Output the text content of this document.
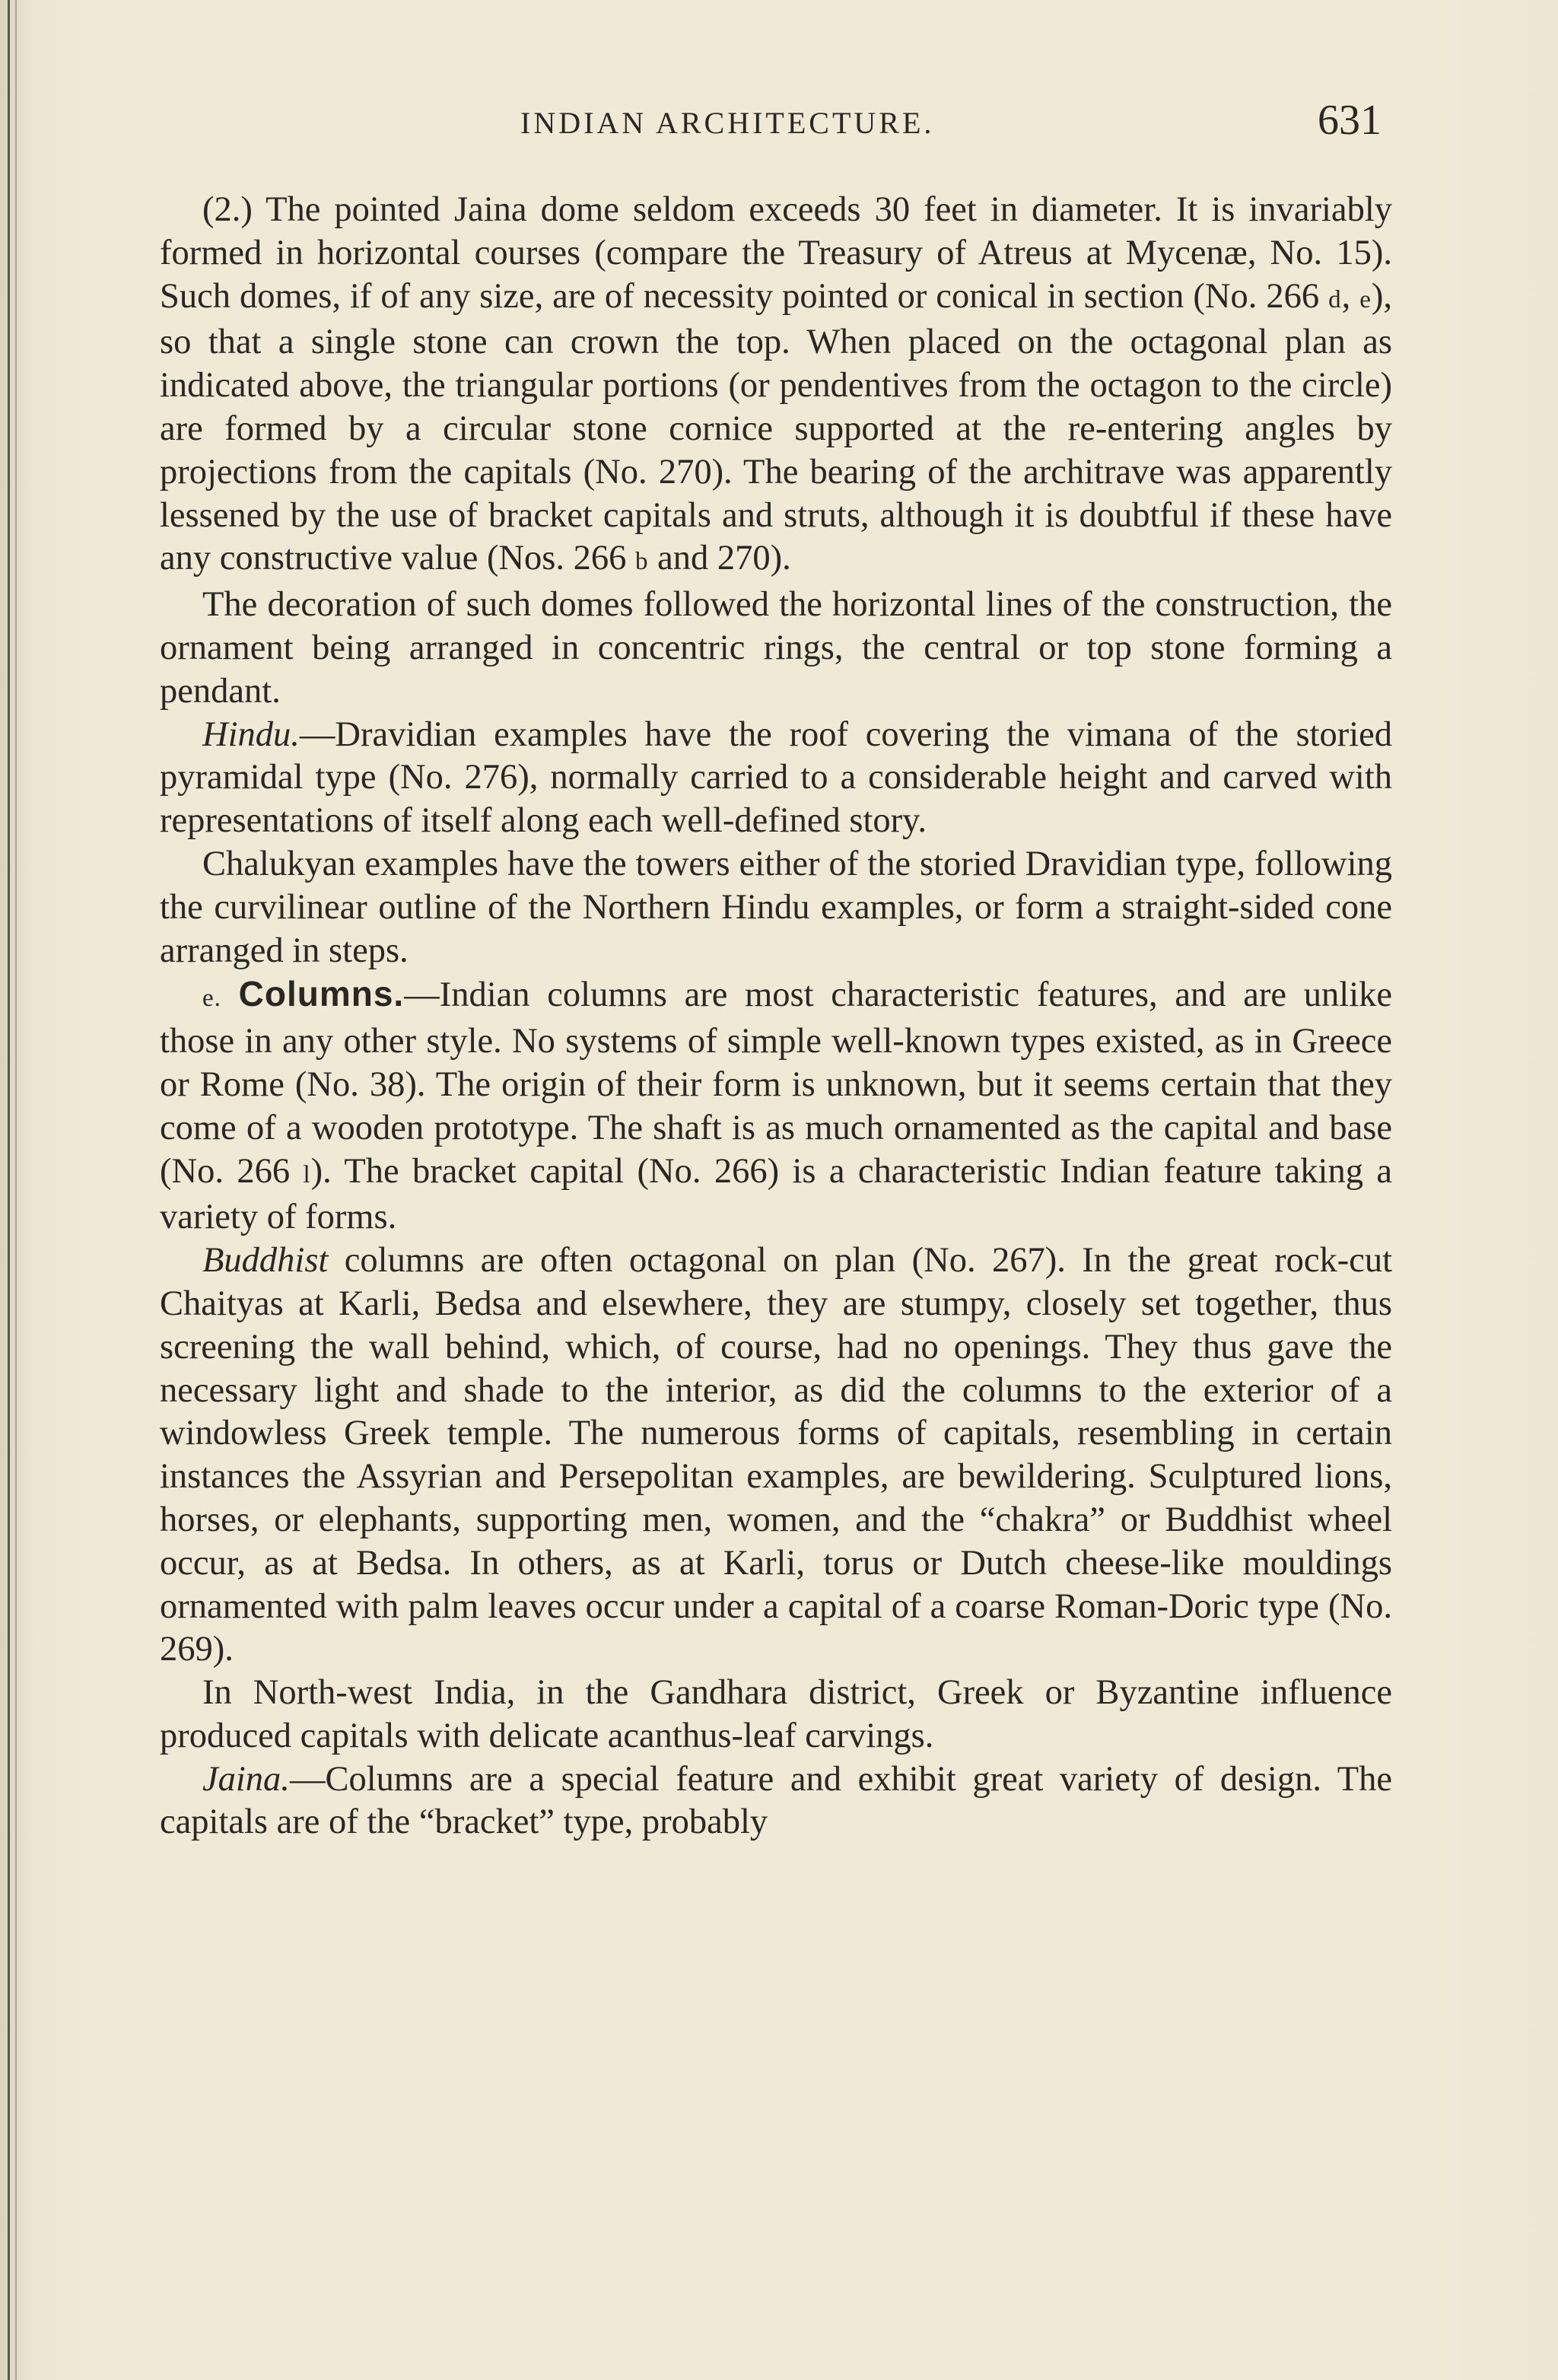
INDIAN ARCHITECTURE.	631

(2.) The pointed Jaina dome seldom exceeds 30 feet in diameter. It is invariably formed in horizontal courses (compare the Treasury of Atreus at Mycenæ, No. 15). Such domes, if of any size, are of necessity pointed or conical in section (No. 266 d, e), so that a single stone can crown the top. When placed on the octagonal plan as indicated above, the triangular portions (or pendentives from the octagon to the circle) are formed by a circular stone cornice supported at the re-entering angles by projections from the capitals (No. 270). The bearing of the architrave was apparently lessened by the use of bracket capitals and struts, although it is doubtful if these have any constructive value (Nos. 266 b and 270).

The decoration of such domes followed the horizontal lines of the construction, the ornament being arranged in concentric rings, the central or top stone forming a pendant.

Hindu.—Dravidian examples have the roof covering the vimana of the storied pyramidal type (No. 276), normally carried to a considerable height and carved with representations of itself along each well-defined story.

Chalukyan examples have the towers either of the storied Dravidian type, following the curvilinear outline of the Northern Hindu examples, or form a straight-sided cone arranged in steps.

e. Columns.—Indian columns are most characteristic features, and are unlike those in any other style. No systems of simple well-known types existed, as in Greece or Rome (No. 38). The origin of their form is unknown, but it seems certain that they come of a wooden prototype. The shaft is as much ornamented as the capital and base (No. 266 l). The bracket capital (No. 266) is a characteristic Indian feature taking a variety of forms.

Buddhist columns are often octagonal on plan (No. 267). In the great rock-cut Chaityas at Karli, Bedsa and elsewhere, they are stumpy, closely set together, thus screening the wall behind, which, of course, had no openings. They thus gave the necessary light and shade to the interior, as did the columns to the exterior of a windowless Greek temple. The numerous forms of capitals, resembling in certain instances the Assyrian and Persepolitan examples, are bewildering. Sculptured lions, horses, or elephants, supporting men, women, and the “chakra” or Buddhist wheel occur, as at Bedsa. In others, as at Karli, torus or Dutch cheese-like mouldings ornamented with palm leaves occur under a capital of a coarse Roman-Doric type (No. 269).

In North-west India, in the Gandhara district, Greek or Byzantine influence produced capitals with delicate acanthus-leaf carvings.

Jaina.—Columns are a special feature and exhibit great variety of design. The capitals are of the “bracket” type, probably
